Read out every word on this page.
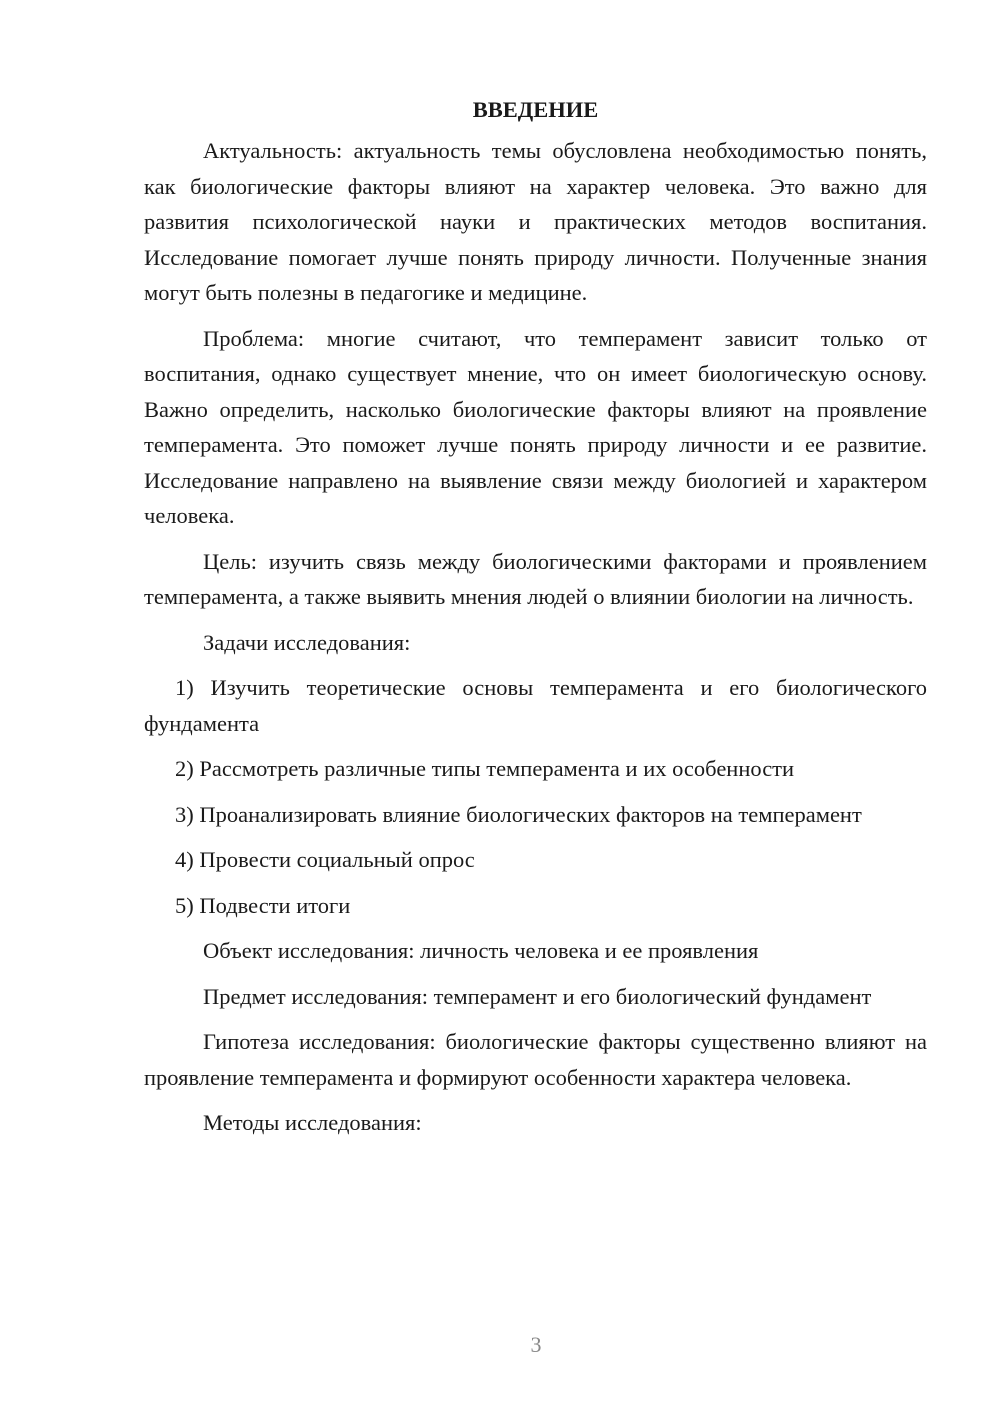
ВВЕДЕНИЕ

Актуальность: актуальность темы обусловлена необходимостью понять, как биологические факторы влияют на характер человека. Это важно для развития психологической науки и практических методов воспитания. Исследование помогает лучше понять природу личности. Полученные знания могут быть полезны в педагогике и медицине.

Проблема: многие считают, что темперамент зависит только от воспитания, однако существует мнение, что он имеет биологическую основу. Важно определить, насколько биологические факторы влияют на проявление темперамента. Это поможет лучше понять природу личности и ее развитие. Исследование направлено на выявление связи между биологией и характером человека.

Цель: изучить связь между биологическими факторами и проявлением темперамента, а также выявить мнения людей о влиянии биологии на личность.

Задачи исследования:

1) Изучить теоретические основы темперамента и его биологического фундамента

2) Рассмотреть различные типы темперамента и их особенности

3) Проанализировать влияние биологических факторов на темперамент

4) Провести социальный опрос

5) Подвести итоги

Объект исследования: личность человека и ее проявления

Предмет исследования: темперамент и его биологический фундамент

Гипотеза исследования: биологические факторы существенно влияют на проявление темперамента и формируют особенности характера человека.

Методы исследования:

3
